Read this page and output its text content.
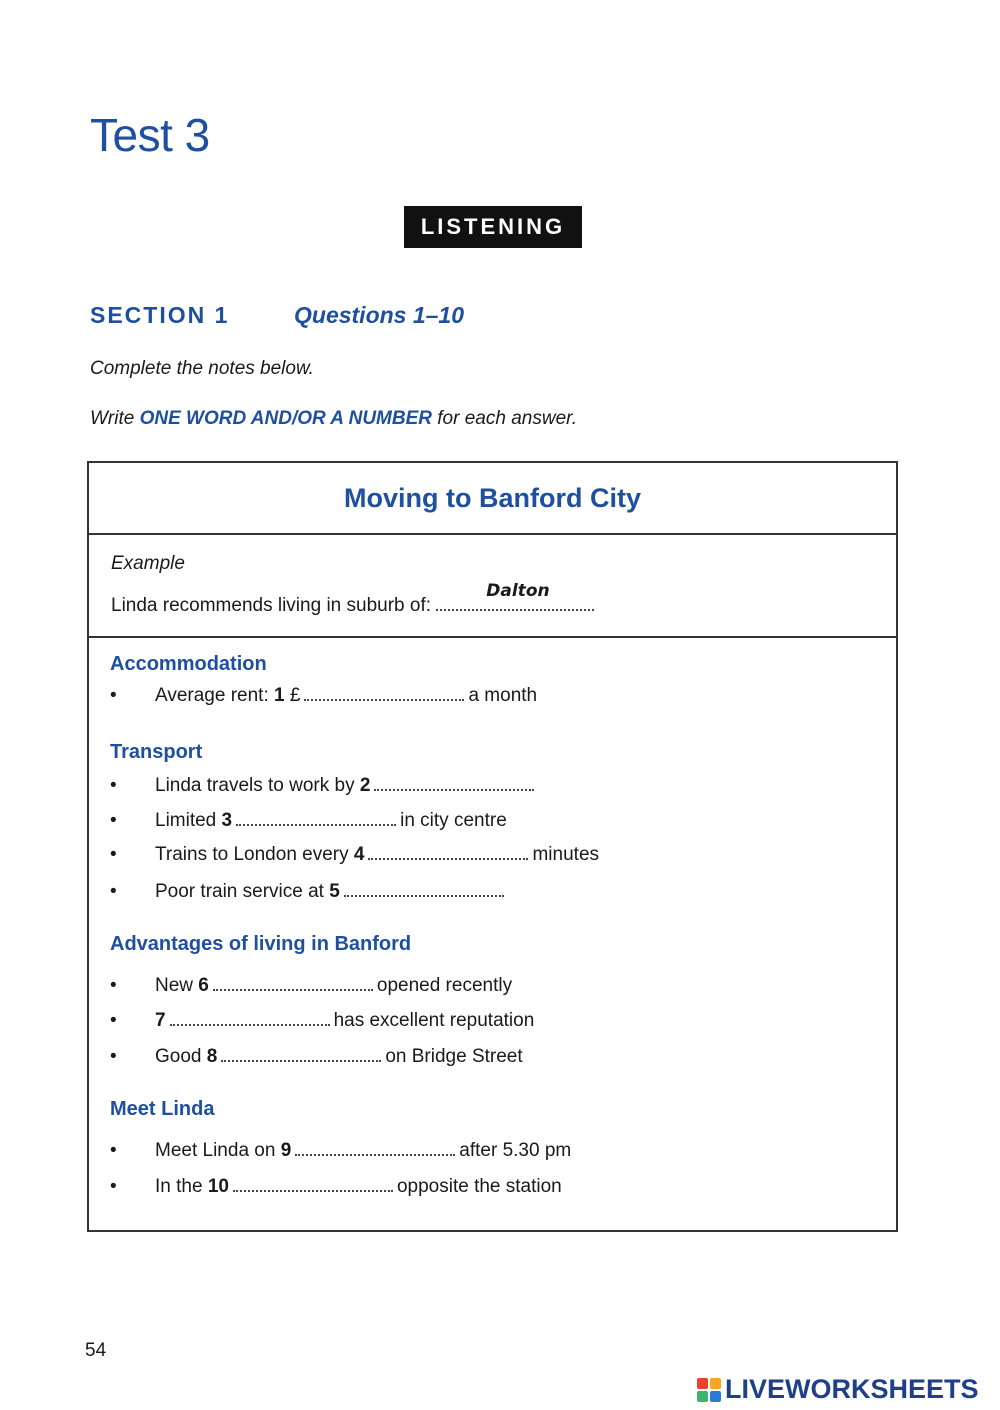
Test 3
LISTENING
SECTION 1	Questions 1–10
Complete the notes below.
Write ONE WORD AND/OR A NUMBER for each answer.
Moving to Banford City
Example
Linda recommends living in suburb of:
Dalton
Accommodation
• Average rent: 1 £	a month
Transport
• Linda travels to work by 2
• Limited 3	in city centre
• Trains to London every 4	minutes
• Poor train service at 5
Advantages of living in Banford
• New 6	opened recently
• 7	has excellent reputation
• Good 8	on Bridge Street
Meet Linda
• Meet Linda on 9	after 5.30 pm
• In the 10	opposite the station
54
LIVEWORKSHEETS
